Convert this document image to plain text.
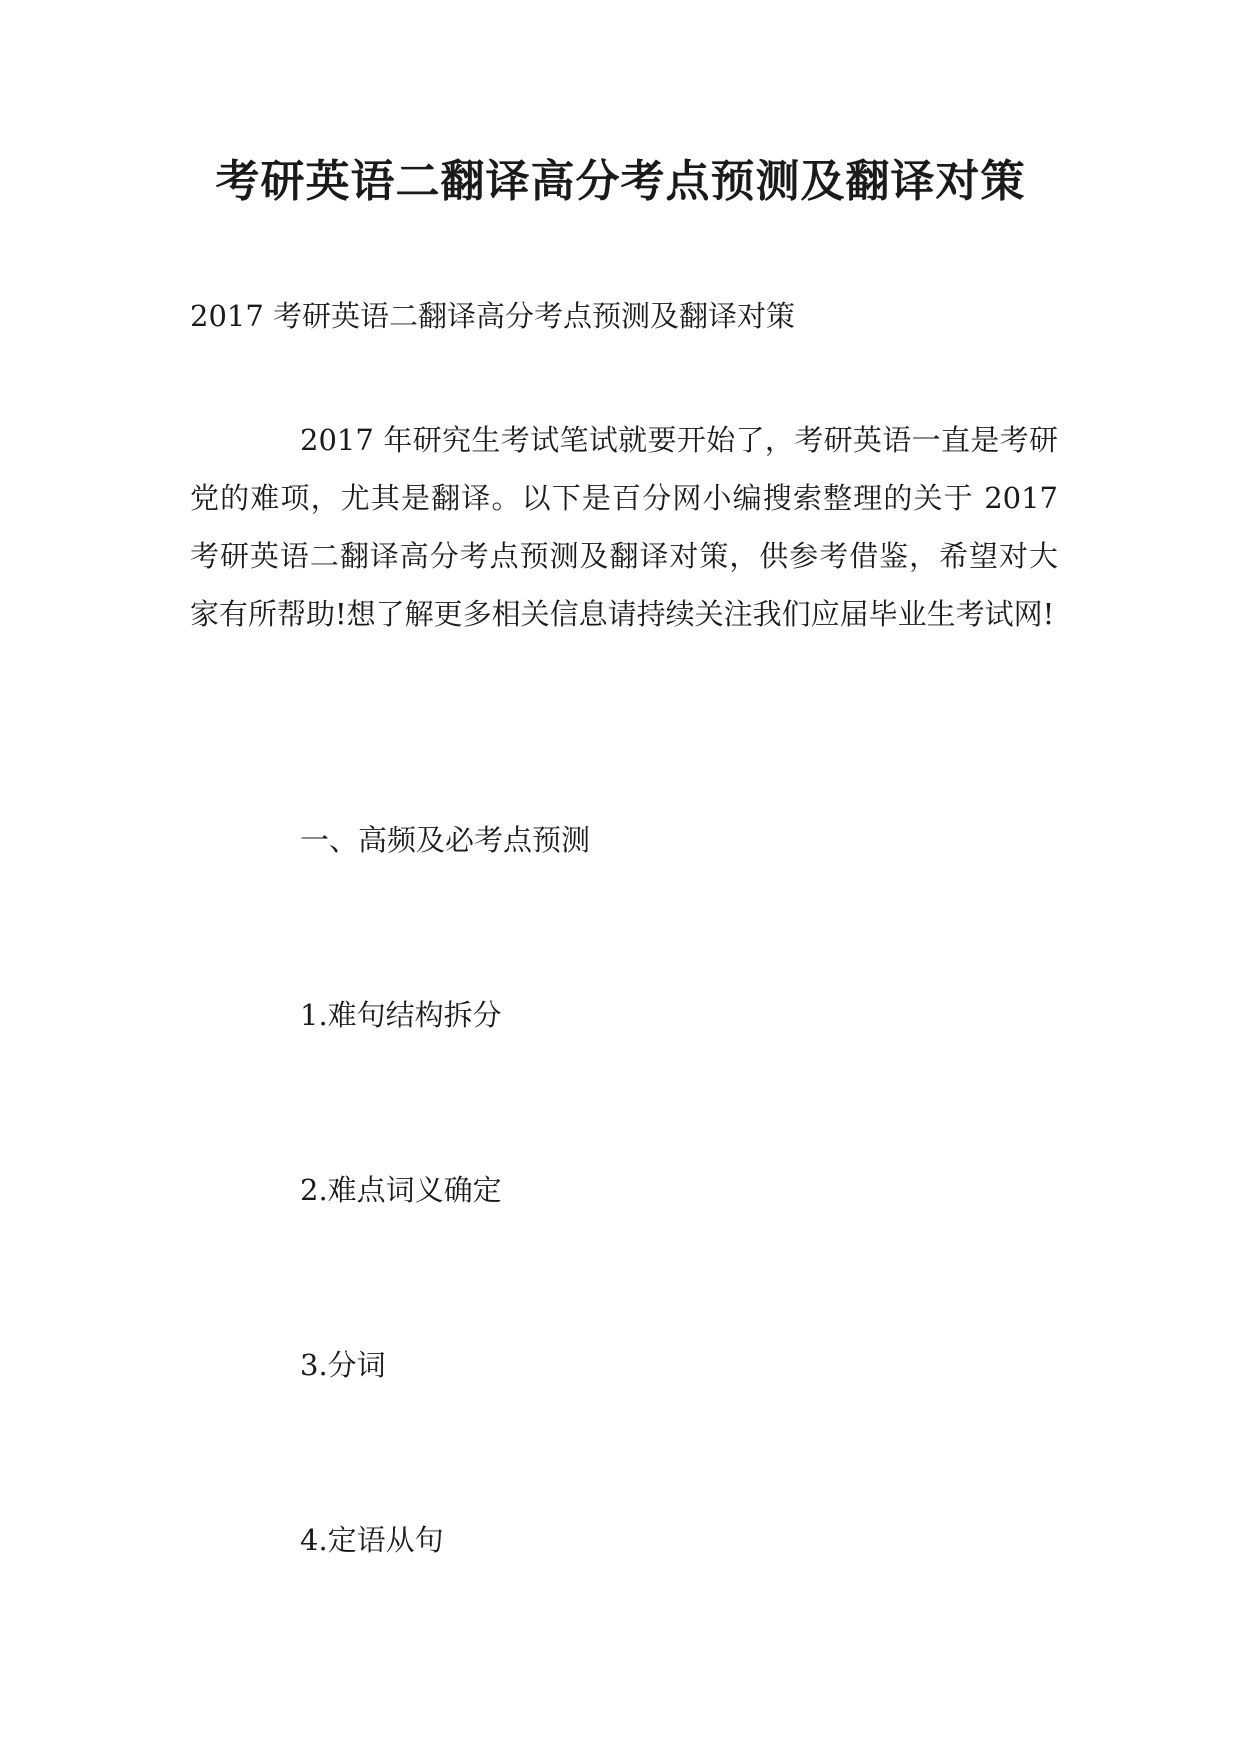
考研英语二翻译高分考点预测及翻译对策

2017 考研英语二翻译高分考点预测及翻译对策

2017 年研究生考试笔试就要开始了，考研英语一直是考研党的难项，尤其是翻译。以下是百分网小编搜索整理的关于 2017 考研英语二翻译高分考点预测及翻译对策，供参考借鉴，希望对大家有所帮助!想了解更多相关信息请持续关注我们应届毕业生考试网!

一、高频及必考点预测

1.难句结构拆分

2.难点词义确定

3.分词

4.定语从句
